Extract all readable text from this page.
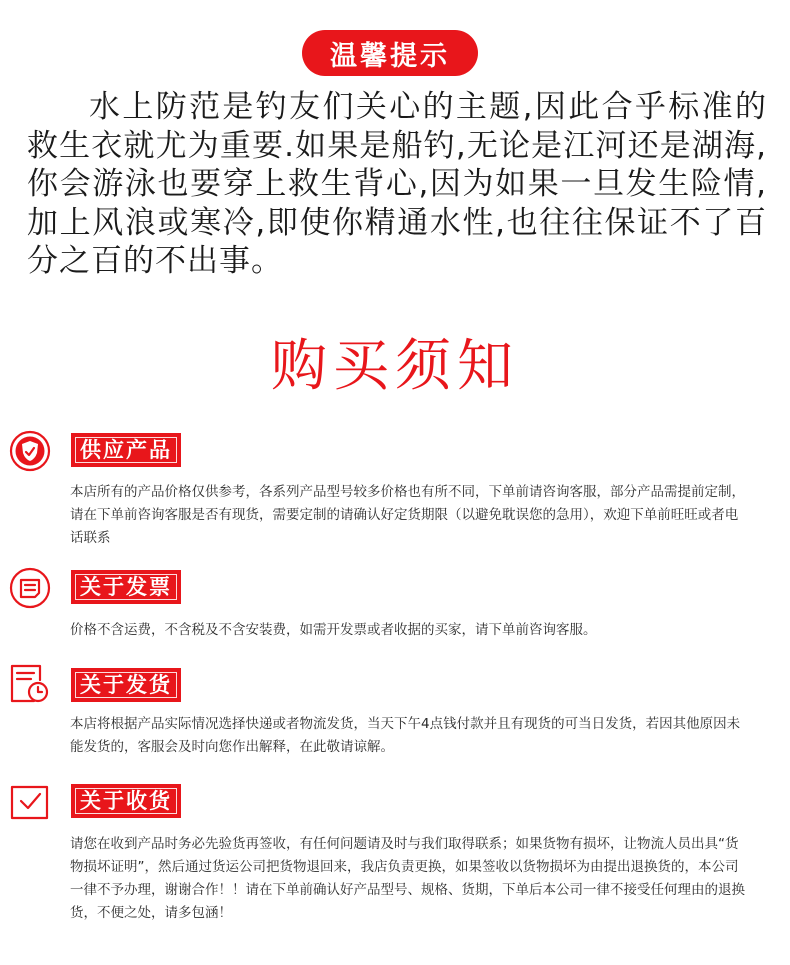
温馨提示

水上防范是钓友们关心的主题,因此合乎标准的救生衣就尤为重要.如果是船钓,无论是江河还是湖海,你会游泳也要穿上救生背心,因为如果一旦发生险情,加上风浪或寒冷,即使你精通水性,也往往保证不了百分之百的不出事。

购买须知
供应产品

本店所有的产品价格仅供参考，各系列产品型号较多价格也有所不同，下单前请咨询客服，部分产品需提前定制，请在下单前咨询客服是否有现货，需要定制的请确认好定货期限（以避免耽误您的急用），欢迎下单前旺旺或者电话联系

关于发票

价格不含运费，不含税及不含安装费，如需开发票或者收据的买家，请下单前咨询客服。

关于发货

本店将根据产品实际情况选择快递或者物流发货，当天下午4点钱付款并且有现货的可当日发货，若因其他原因未能发货的，客服会及时向您作出解释，在此敬请谅解。

关于收货

请您在收到产品时务必先验货再签收，有任何问题请及时与我们取得联系；如果货物有损坏，让物流人员出具“货物损坏证明”，然后通过货运公司把货物退回来，我店负责更换，如果签收以货物损坏为由提出退换货的，本公司一律不予办理，谢谢合作！！请在下单前确认好产品型号、规格、货期，下单后本公司一律不接受任何理由的退换货，不便之处，请多包涵！
